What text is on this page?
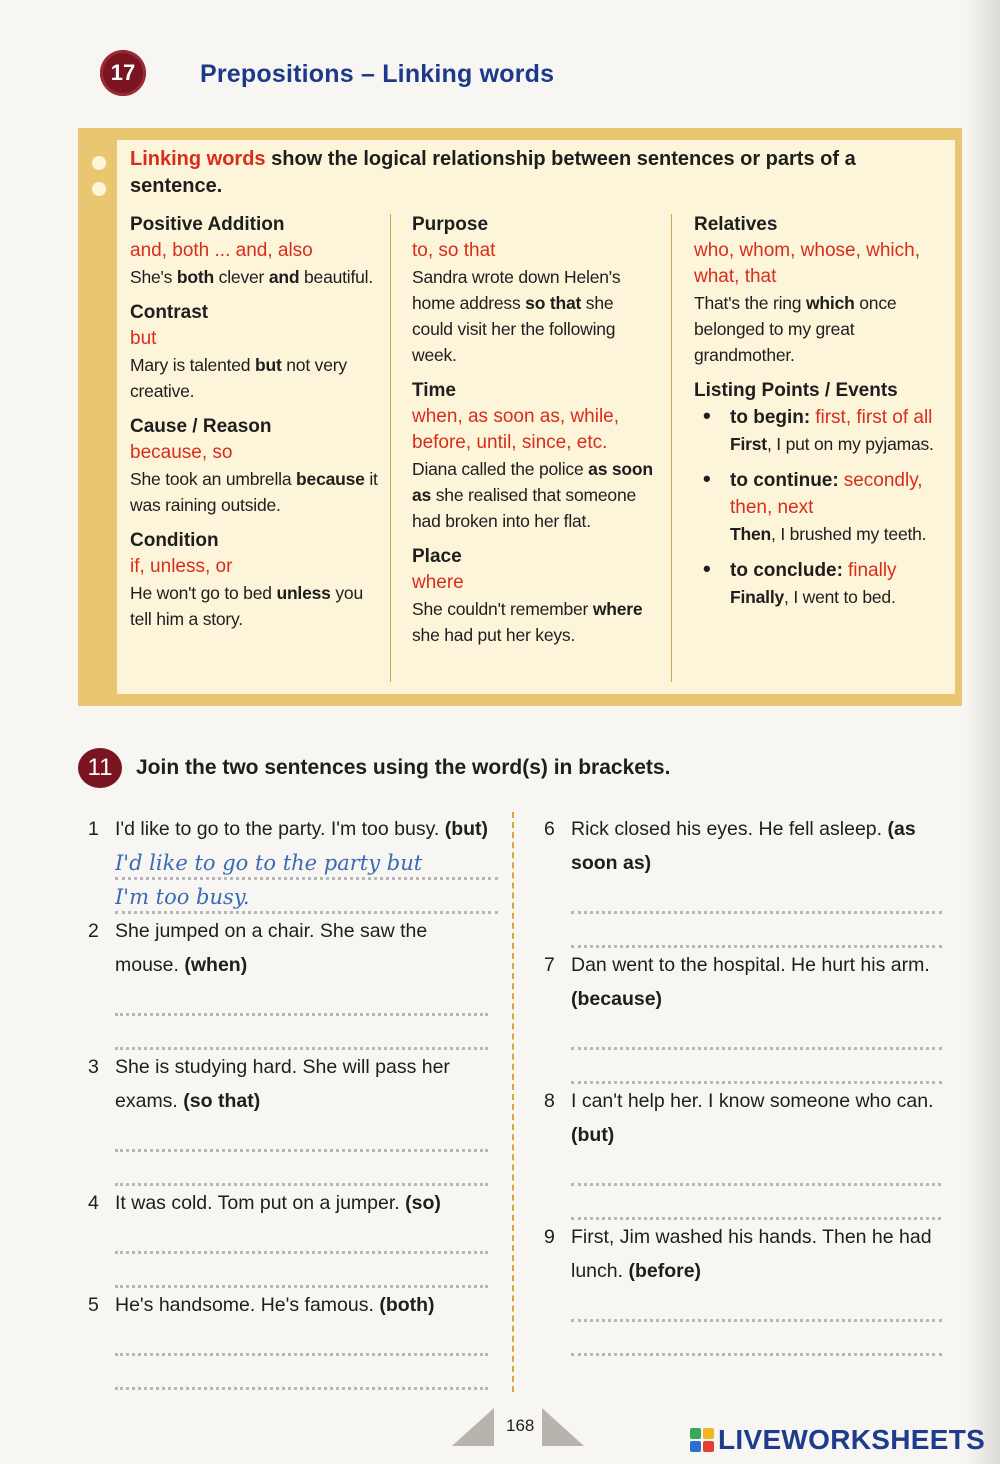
17	Prepositions – Linking words
Linking words show the logical relationship between sentences or parts of a sentence.
Positive Addition
and, both ... and, also
She's both clever and beautiful.
Contrast
but
Mary is talented but not very creative.
Cause / Reason
because, so
She took an umbrella because it was raining outside.
Condition
if, unless, or
He won't go to bed unless you tell him a story.
Purpose
to, so that
Sandra wrote down Helen's home address so that she could visit her the following week.
Time
when, as soon as, while, before, until, since, etc.
Diana called the police as soon as she realised that someone had broken into her flat.
Place
where
She couldn't remember where she had put her keys.
Relatives
who, whom, whose, which, what, that
That's the ring which once belonged to my great grandmother.
Listing Points / Events
• to begin: first, first of all
First, I put on my pyjamas.
• to continue: secondly, then, next
Then, I brushed my teeth.
• to conclude: finally
Finally, I went to bed.
11	Join the two sentences using the word(s) in brackets.
1 I'd like to go to the party. I'm too busy. (but)
I'd like to go to the party but
I'm too busy.
2 She jumped on a chair. She saw the mouse. (when)
3 She is studying hard. She will pass her exams. (so that)
4 It was cold. Tom put on a jumper. (so)
5 He's handsome. He's famous. (both)
6 Rick closed his eyes. He fell asleep. (as soon as)
7 Dan went to the hospital. He hurt his arm. (because)
8 I can't help her. I know someone who can. (but)
9 First, Jim washed his hands. Then he had lunch. (before)
168	LIVEWORKSHEETS
